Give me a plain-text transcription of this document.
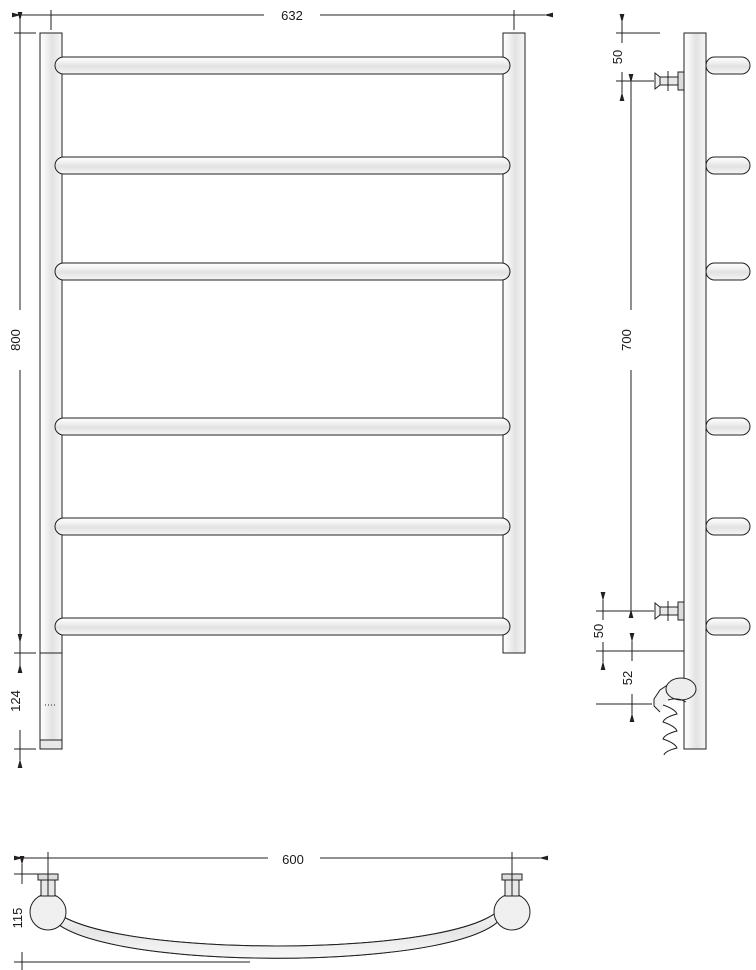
632
800
124
50
700
50
52
600
115
